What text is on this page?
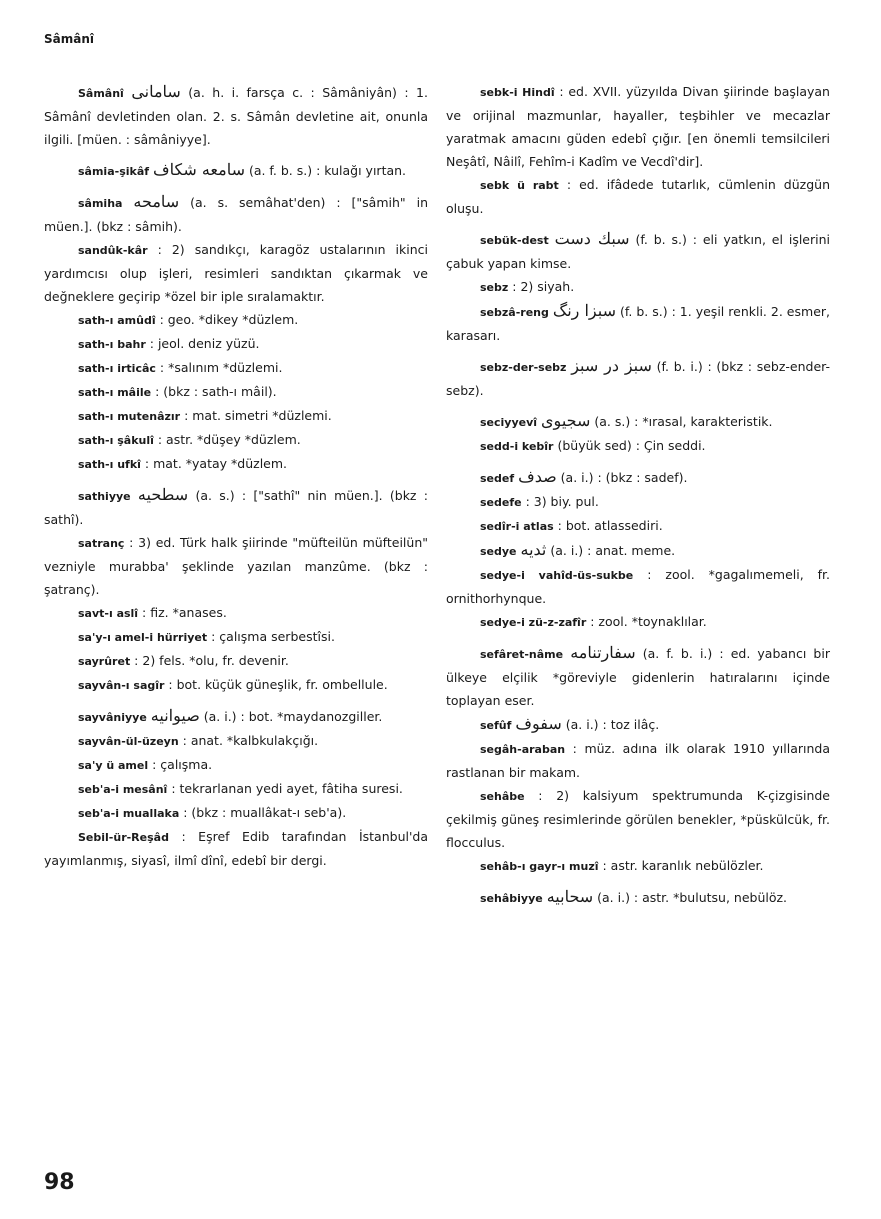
Sâmânî

Sâmânî سامانى (a. h. i. farsça c. : Sâmâniyân) : 1. Sâmânî devletinden olan. 2. s. Sâmân devletine ait, onunla ilgili. [müen. : sâmâniyye].

sâmia-şikâf سامعه شكاف (a. f. b. s.) : kulağı yırtan.

sâmiha سامحه (a. s. semâhat'den) : ["sâmih" in müen.]. (bkz : sâmih).

sandûk-kâr : 2) sandıkçı, karagöz ustalarının ikinci yardımcısı olup işleri, resimleri sandıktan çıkarmak ve değneklere geçirip *özel bir iple sıralamaktır.

sath-ı amûdî : geo. *dikey *düzlem.

sath-ı bahr : jeol. deniz yüzü.

sath-ı irticâc : *salınım *düzlemi.

sath-ı mâile : (bkz : sath-ı mâil).

sath-ı mutenâzır : mat. simetri *düzlemi.

sath-ı şâkulî : astr. *düşey *düzlem.

sath-ı ufkî : mat. *yatay *düzlem.

sathiyye سطحيه (a. s.) : ["sathî" nin müen.]. (bkz : sathî).

satranç : 3) ed. Türk halk şiirinde "müfteilün müfteilün" vezniyle murabba' şeklinde yazılan manzûme. (bkz : şatranç).

savt-ı aslî : fiz. *anases.

sa'y-ı amel-i hürriyet : çalışma serbestîsi.

sayrûret : 2) fels. *olu, fr. devenir.

sayvân-ı sagîr : bot. küçük güneşlik, fr. ombellule.

sayvâniyye صيوانيه (a. i.) : bot. *maydanozgiller.

sayvân-ül-üzeyn : anat. *kalbkulakçığı.

sa'y ü amel : çalışma.

seb'a-i mesânî : tekrarlanan yedi ayet, fâtiha suresi.

seb'a-i muallaka : (bkz : muallâkat-ı seb'a).

Sebil-ür-Reşâd : Eşref Edib tarafından İstanbul'da yayımlanmış, siyasî, ilmî dînî, edebî bir dergi.

sebk-i Hindî : ed. XVII. yüzyılda Divan şiirinde başlayan ve orijinal mazmunlar, hayaller, teşbihler ve mecazlar yaratmak amacını güden edebî çığır. [en önemli temsilcileri Neşâtî, Nâilî, Fehîm-i Kadîm ve Vecdî'dir].

sebk ü rabt : ed. ifâdede tutarlık, cümlenin düzgün oluşu.

sebük-dest سبك دست (f. b. s.) : eli yatkın, el işlerini çabuk yapan kimse.

sebz : 2) siyah.

sebzâ-reng سبزا رنگ (f. b. s.) : 1. yeşil renkli. 2. esmer, karasarı.

sebz-der-sebz سبز در سبز (f. b. i.) : (bkz : sebz-ender-sebz).

seciyyevî سجيوى (a. s.) : *ırasal, karakteristik.

sedd-i kebîr (büyük sed) : Çin seddi.

sedef صدف (a. i.) : (bkz : sadef).

sedefe : 3) biy. pul.

sedîr-i atlas : bot. atlassediri.

sedye ثديه (a. i.) : anat. meme.

sedye-i vahîd-üs-sukbe : zool. *gagalımemeli, fr. ornithorhynque.

sedye-i zü-z-zafîr : zool. *toynaklılar.

sefâret-nâme سفارتنامه (a. f. b. i.) : ed. yabancı bir ülkeye elçilik *göreviyle gidenlerin hatıralarını içinde toplayan eser.

sefûf سفوف (a. i.) : toz ilâç.

segâh-araban : müz. adına ilk olarak 1910 yıllarında rastlanan bir makam.

sehâbe : 2) kalsiyum spektrumunda K-çizgisinde çekilmiş güneş resimlerinde görülen benekler, *püskülcük, fr. flocculus.

sehâb-ı gayr-ı muzî : astr. karanlık nebülözler.

sehâbiyye سحابيه (a. i.) : astr. *bulutsu, nebülöz.

98
